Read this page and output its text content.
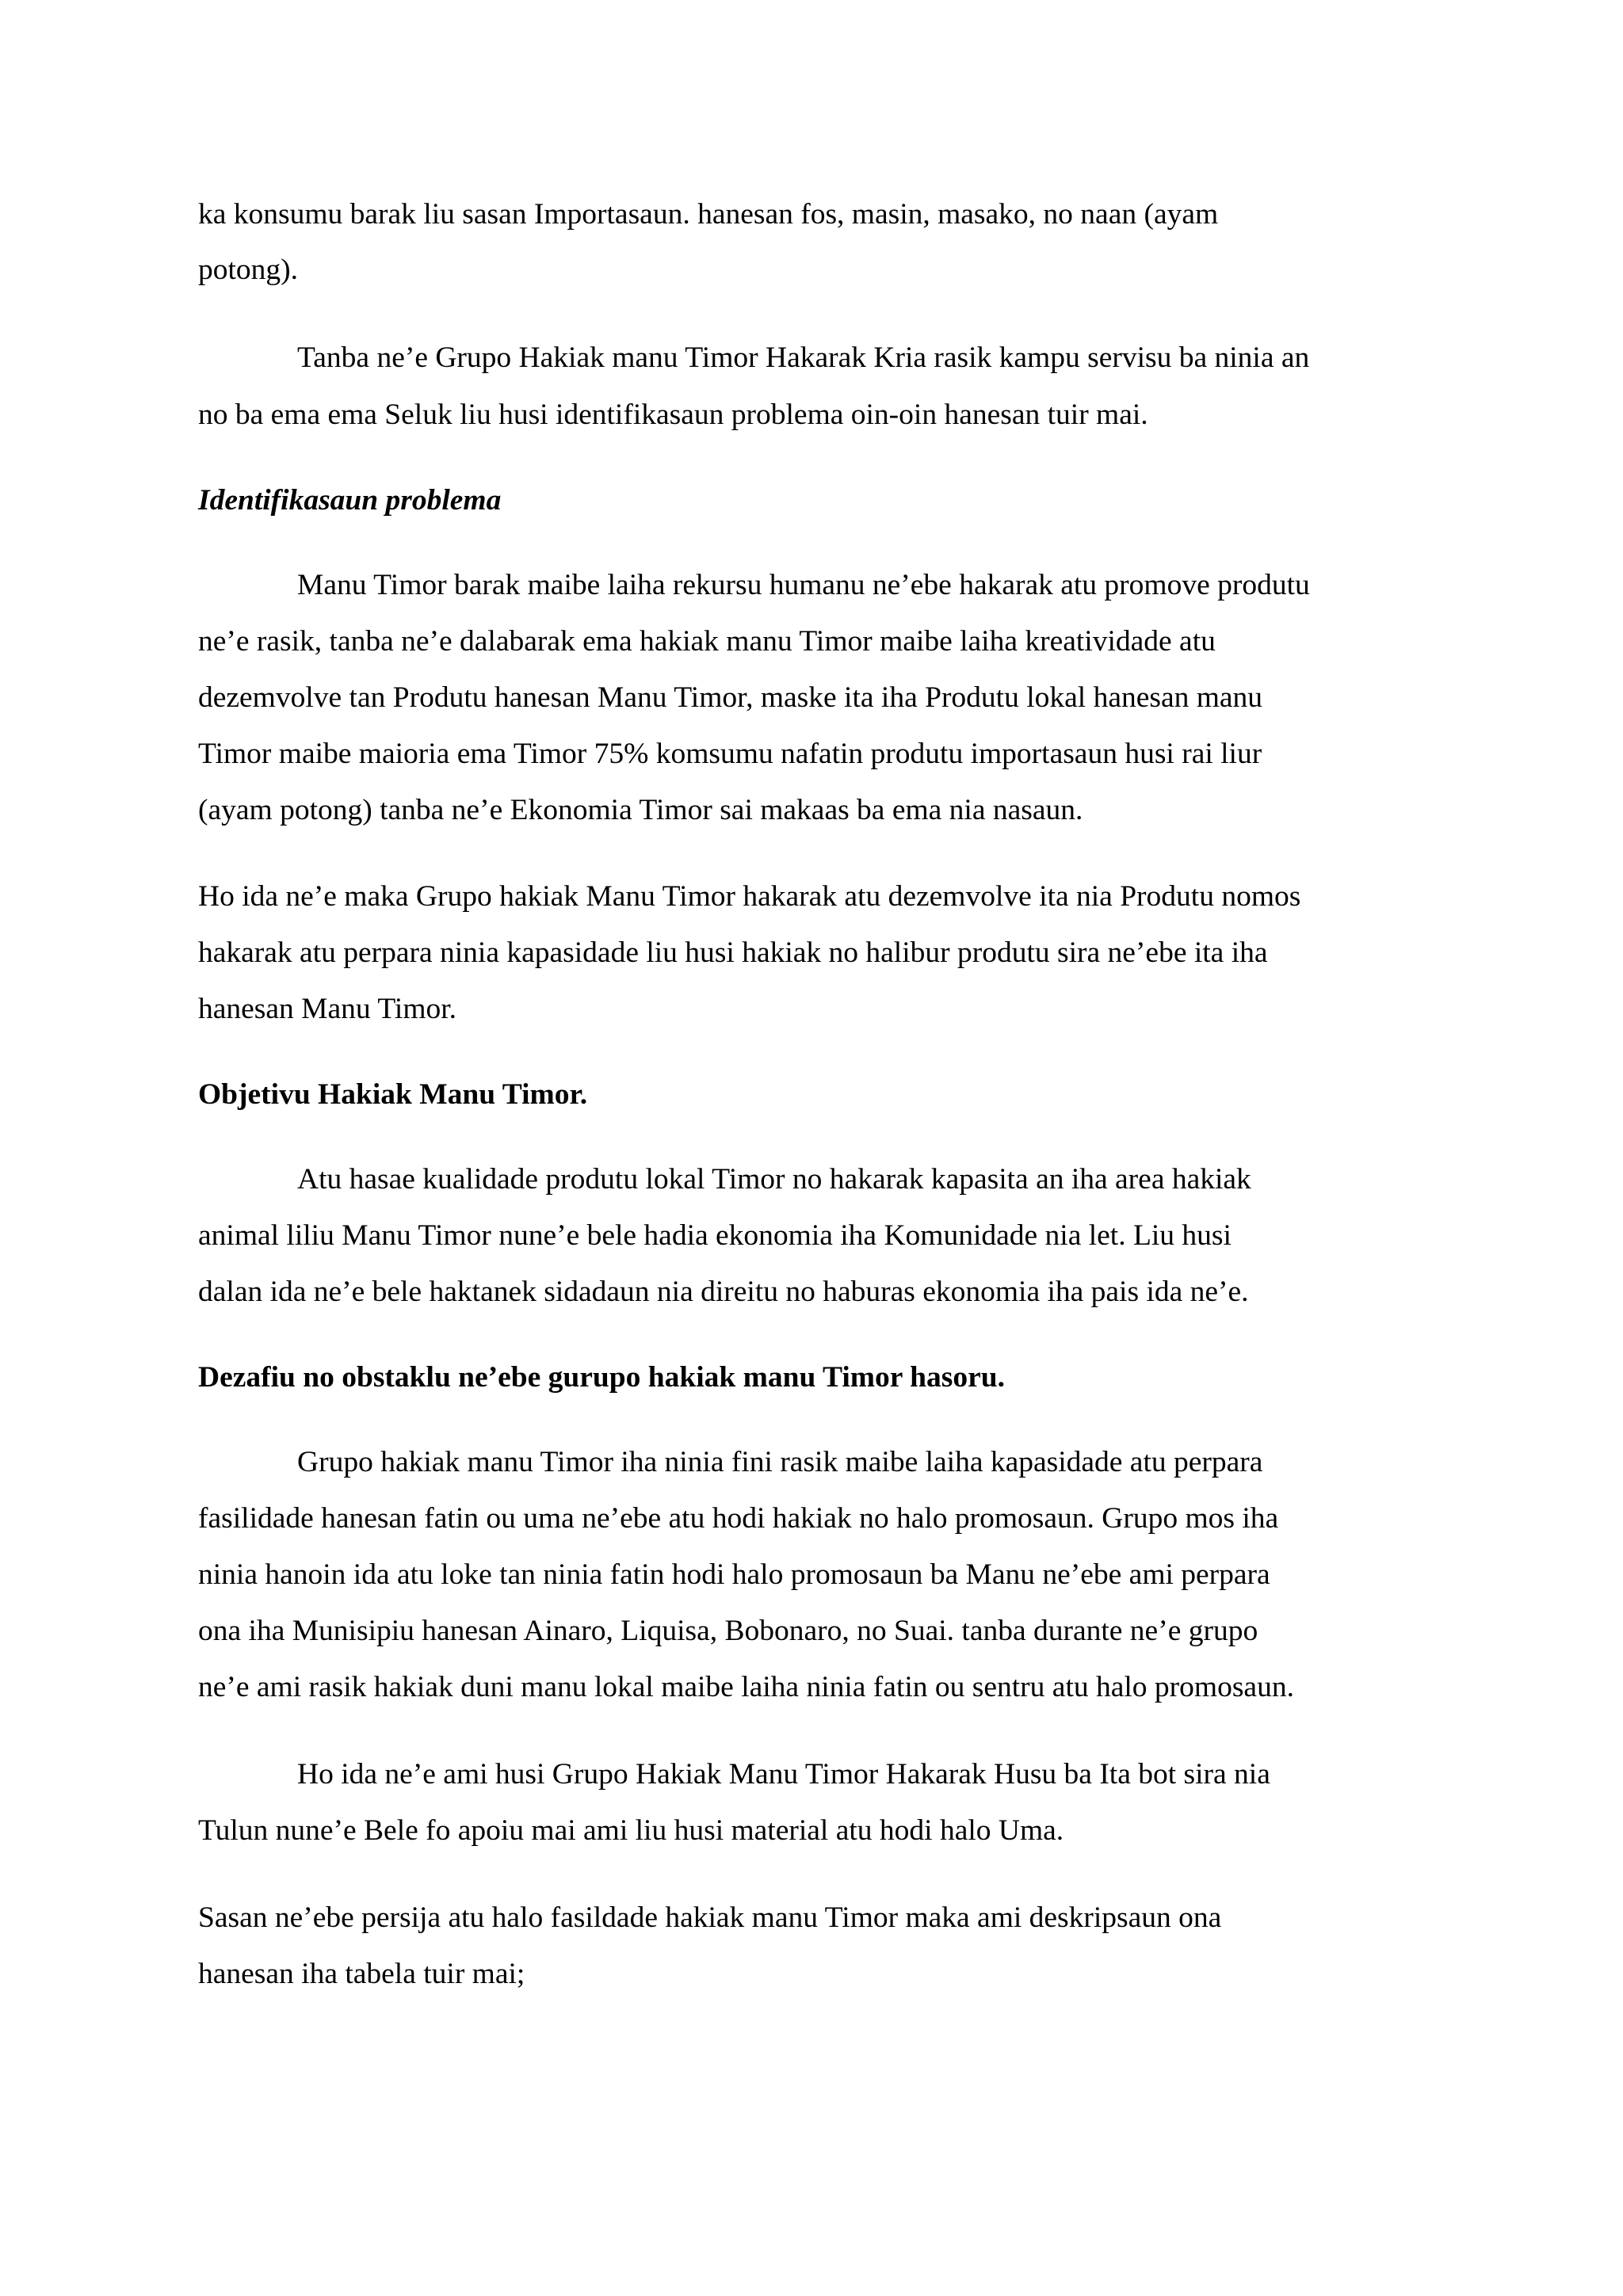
ka konsumu barak liu sasan Importasaun. hanesan fos, masin, masako, no naan (ayam
potong).
Tanba ne’e Grupo Hakiak manu Timor Hakarak Kria rasik kampu servisu ba ninia an
no ba ema ema Seluk liu husi identifikasaun problema oin-oin hanesan tuir mai.
Identifikasaun problema
Manu Timor barak maibe laiha rekursu humanu ne’ebe hakarak atu promove produtu
ne’e rasik, tanba ne’e dalabarak ema hakiak manu Timor maibe laiha kreatividade atu
dezemvolve tan Produtu hanesan Manu Timor, maske ita iha Produtu lokal hanesan manu
Timor maibe maioria ema Timor 75% komsumu nafatin produtu importasaun husi rai liur
(ayam potong) tanba ne’e Ekonomia Timor sai makaas ba ema nia nasaun.
Ho ida ne’e maka Grupo hakiak Manu Timor hakarak atu dezemvolve ita nia Produtu nomos
hakarak atu perpara ninia kapasidade liu husi hakiak no halibur produtu sira ne’ebe ita iha
hanesan Manu Timor.
Objetivu Hakiak Manu Timor.
Atu hasae kualidade produtu lokal Timor no hakarak kapasita an iha area hakiak
animal liliu Manu Timor nune’e bele hadia ekonomia iha Komunidade nia let. Liu husi
dalan ida ne’e bele haktanek sidadaun nia direitu no haburas ekonomia iha pais ida ne’e.
Dezafiu no obstaklu ne’ebe gurupo hakiak manu Timor hasoru.
Grupo hakiak manu Timor iha ninia fini rasik maibe laiha kapasidade atu perpara
fasilidade hanesan fatin ou uma ne’ebe atu hodi hakiak no halo promosaun. Grupo mos iha
ninia hanoin ida atu loke tan ninia fatin hodi halo promosaun ba Manu ne’ebe ami perpara
ona iha Munisipiu hanesan Ainaro, Liquisa, Bobonaro, no Suai. tanba durante ne’e grupo
ne’e ami rasik hakiak duni manu lokal maibe laiha ninia fatin ou sentru atu halo promosaun.
Ho ida ne’e ami husi Grupo Hakiak Manu Timor Hakarak Husu ba Ita bot sira nia
Tulun nune’e Bele fo apoiu mai ami liu husi material atu hodi halo Uma.
Sasan ne’ebe persija atu halo fasildade hakiak manu Timor maka ami deskripsaun ona
hanesan iha tabela tuir mai;
